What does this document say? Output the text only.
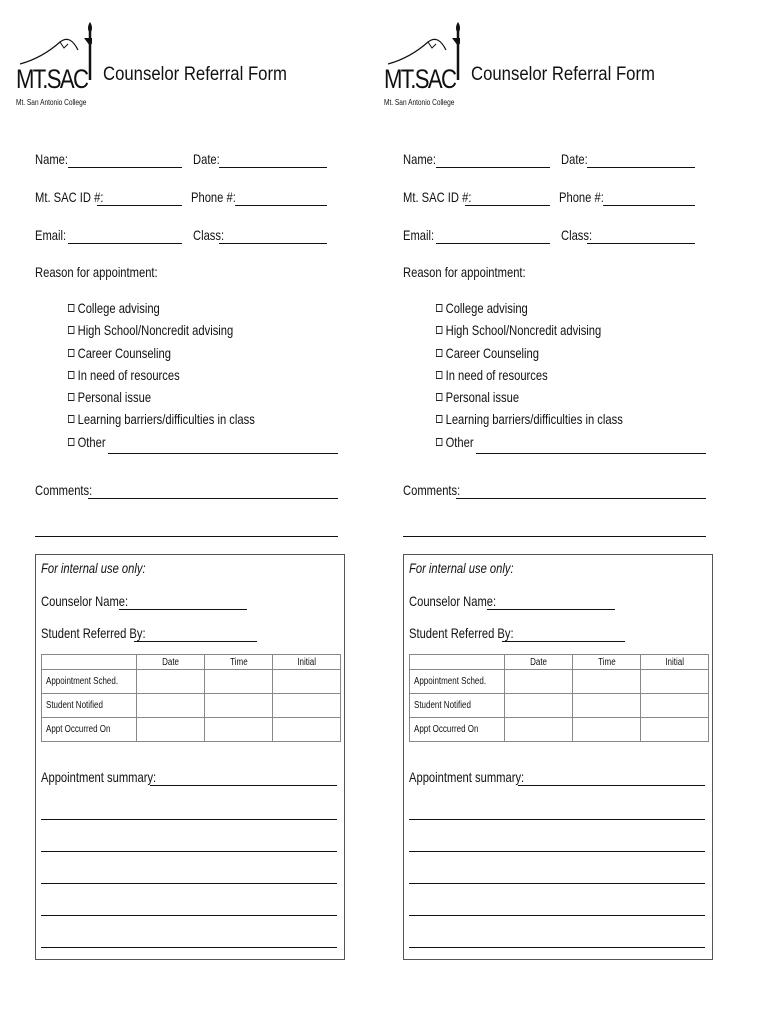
MT.SAC
Mt. San Antonio College
Counselor Referral Form
Name:	Date:
Mt. SAC ID #:	Phone #:
Email:	Class:
Reason for appointment:
College advising
High School/Noncredit advising
Career Counseling
In need of resources
Personal issue
Learning barriers/difficulties in class
Other
Comments:
For internal use only:
Counselor Name:
Student Referred By:
	Date	Time	Initial
Appointment Sched.			
Student Notified			
Appt Occurred On			
Appointment summary:
MT.SAC
Mt. San Antonio College
Counselor Referral Form
Name:	Date:
Mt. SAC ID #:	Phone #:
Email:	Class:
Reason for appointment:
College advising
High School/Noncredit advising
Career Counseling
In need of resources
Personal issue
Learning barriers/difficulties in class
Other
Comments:
For internal use only:
Counselor Name:
Student Referred By:
	Date	Time	Initial
Appointment Sched.			
Student Notified			
Appt Occurred On			
Appointment summary:
